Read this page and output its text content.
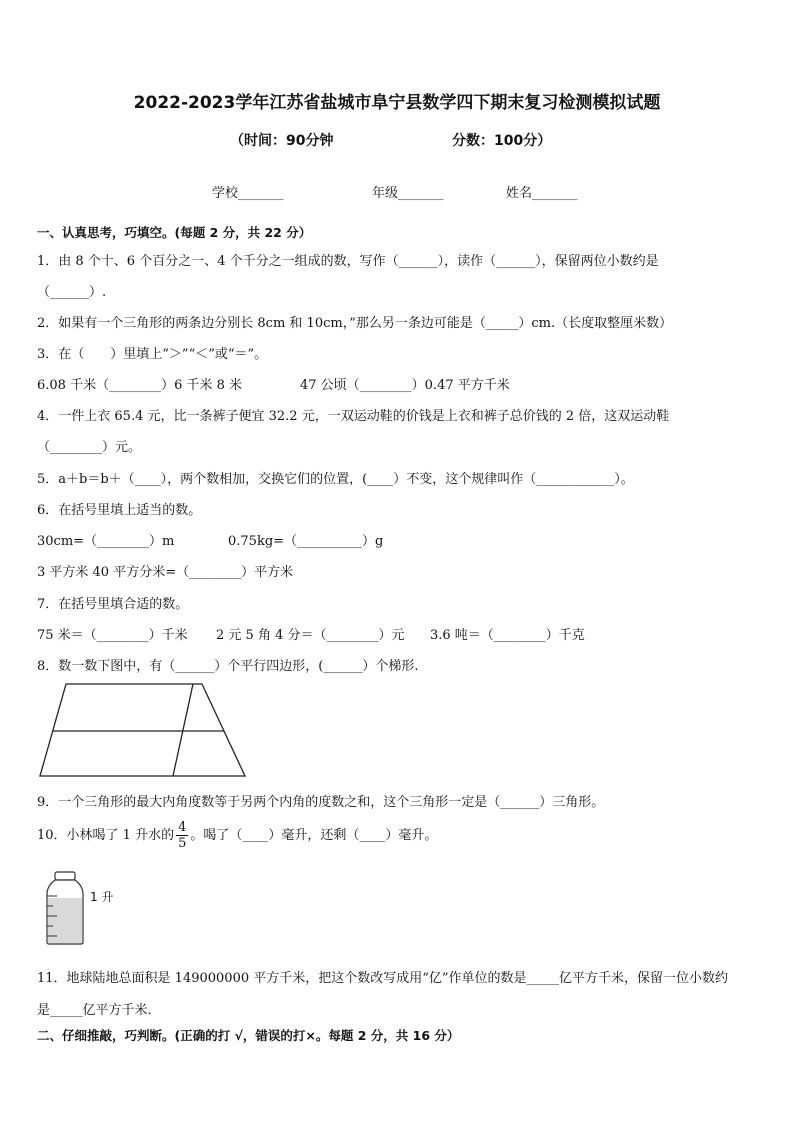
2022-2023学年江苏省盐城市阜宁县数学四下期末复习检测模拟试题
（时间：90分钟	分数：100分）
学校_______	年级_______	姓名_______
一、认真思考，巧填空。(每题 2 分，共 22 分）
1．由 8 个十、6 个百分之一、4 个千分之一组成的数，写作（______），读作（______），保留两位小数约是
（______）.
2．如果有一个三角形的两条边分别长 8cm 和 10cm，”那么另一条边可能是（_____）cm.（长度取整厘米数）
3．在（　　）里填上“＞”“＜”或“＝”。
6.08 千米（________）6 千米 8 米	47 公顷（________）0.47 平方千米
4．一件上衣 65.4 元，比一条裤子便宜 32.2 元，一双运动鞋的价钱是上衣和裤子总价钱的 2 倍，这双运动鞋
（________）元。
5．a＋b＝b＋（____），两个数相加，交换它们的位置，(____）不变，这个规律叫作（____________）。
6．在括号里填上适当的数。
30cm=（________）m	0.75kg=（__________）g
3 平方米 40 平方分米=（________）平方米
7．在括号里填合适的数。
75 米＝（________）千米 2 元 5 角 4 分＝（________）元 3.6 吨＝（________）千克
8．数一数下图中，有（______）个平行四边形，(______）个梯形.
9．一个三角形的最大内角度数等于另两个内角的度数之和，这个三角形一定是（______）三角形。
10．小林喝了 1 升水的 $\frac{4}{5}$ 。喝了（____）毫升，还剩（____）毫升。
1 升
11．地球陆地总面积是 149000000 平方千米，把这个数改写成用“亿”作单位的数是_____亿平方千米，保留一位小数约
是_____亿平方千米．
二、仔细推敲，巧判断。(正确的打 √，错误的打×。每题 2 分，共 16 分）
